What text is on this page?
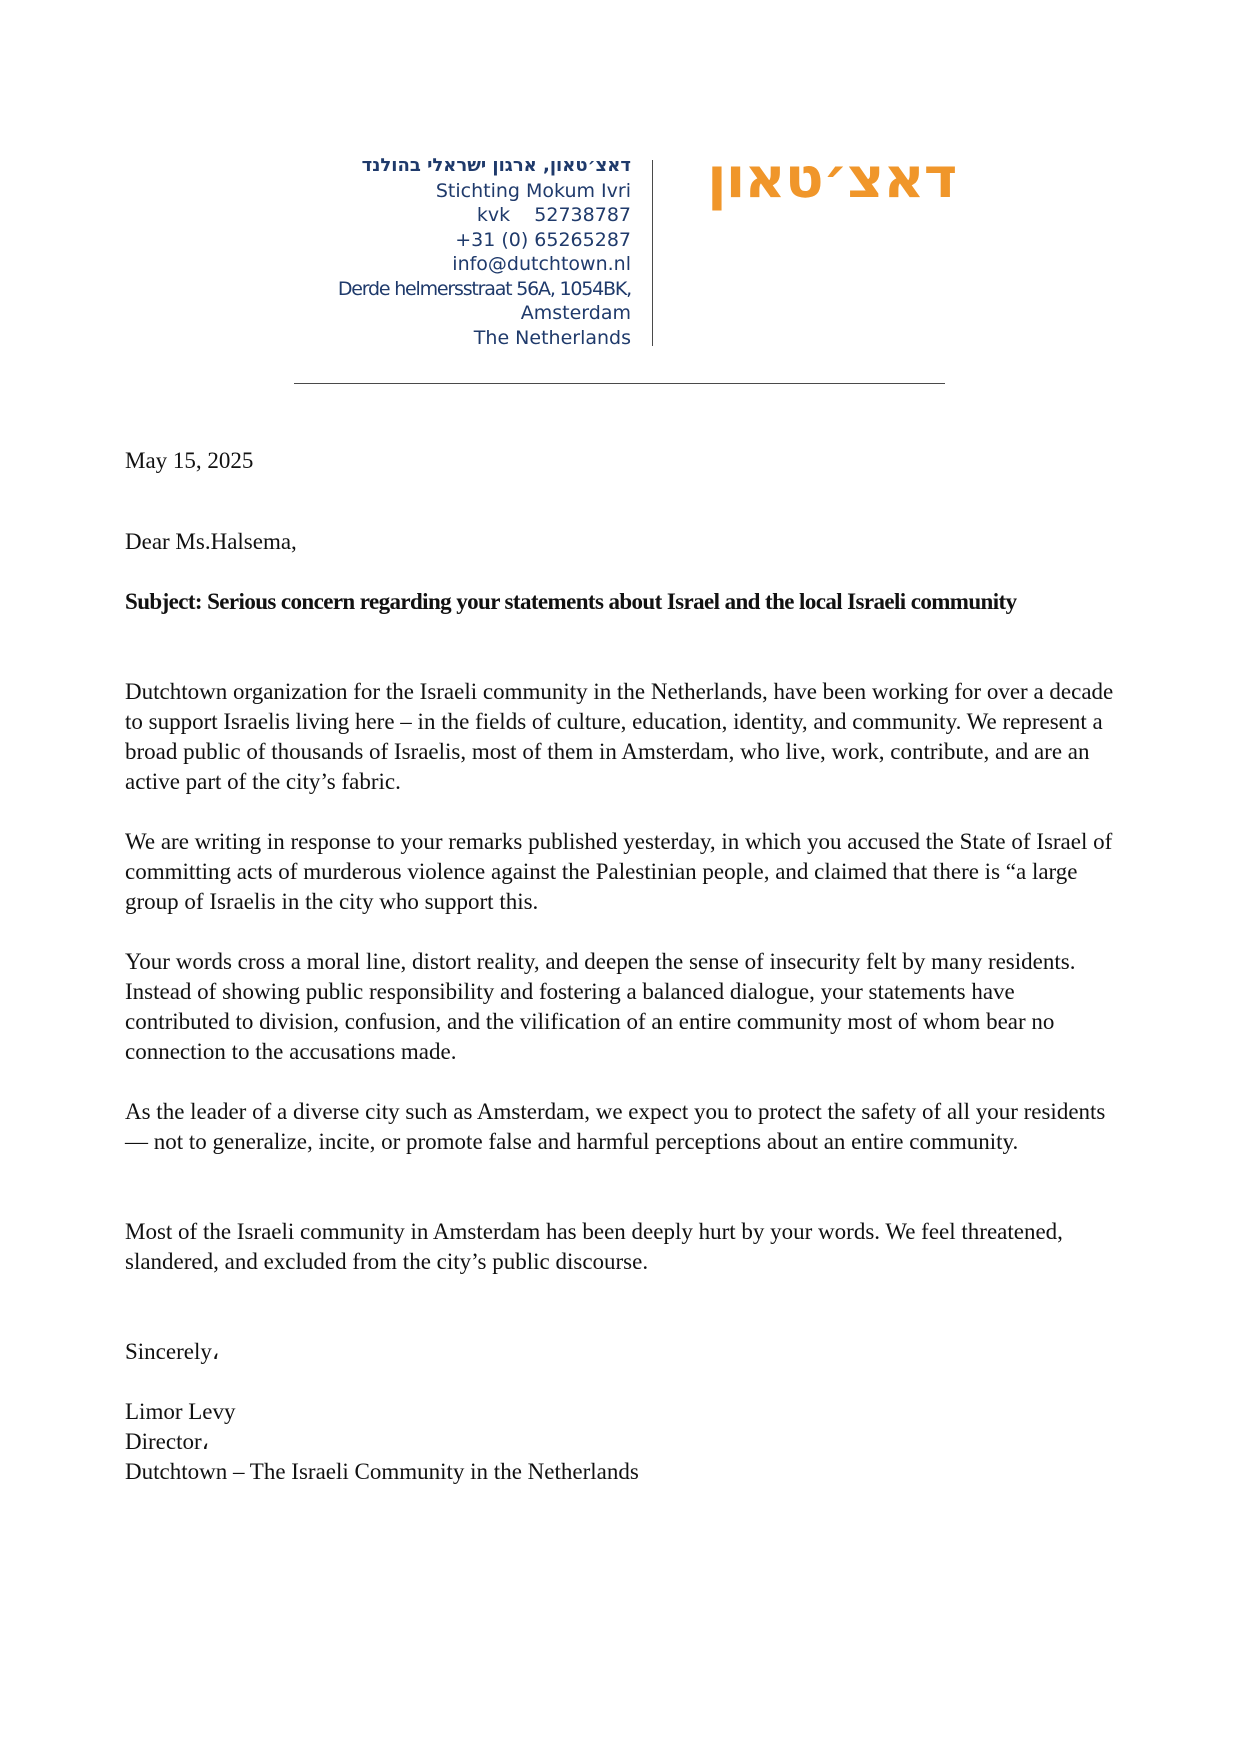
דאצ׳טאון, ארגון ישראלי בהולנד
Stichting Mokum Ivri
kvk    52738787
+31 (0) 65265287
info@dutchtown.nl
Derde helmersstraat 56A, 1054BK,
Amsterdam
The Netherlands
דאצ׳טאון

May 15, 2025

Dear Ms.Halsema,

Subject: Serious concern regarding your statements about Israel and the local Israeli community

Dutchtown organization for the Israeli community in the Netherlands, have been working for over a decade to support Israelis living here – in the fields of culture, education, identity, and community. We represent a broad public of thousands of Israelis, most of them in Amsterdam, who live, work, contribute, and are an active part of the city’s fabric.

We are writing in response to your remarks published yesterday, in which you accused the State of Israel of committing acts of murderous violence against the Palestinian people, and claimed that there is “a large group of Israelis in the city who support this.

Your words cross a moral line, distort reality, and deepen the sense of insecurity felt by many residents. Instead of showing public responsibility and fostering a balanced dialogue, your statements have contributed to division, confusion, and the vilification of an entire community most of whom bear no connection to the accusations made.

As the leader of a diverse city such as Amsterdam, we expect you to protect the safety of all your residents — not to generalize, incite, or promote false and harmful perceptions about an entire community.

Most of the Israeli community in Amsterdam has been deeply hurt by your words. We feel threatened, slandered, and excluded from the city’s public discourse.

Sincerely،

Limor Levy

Director،

Dutchtown – The Israeli Community in the Netherlands
